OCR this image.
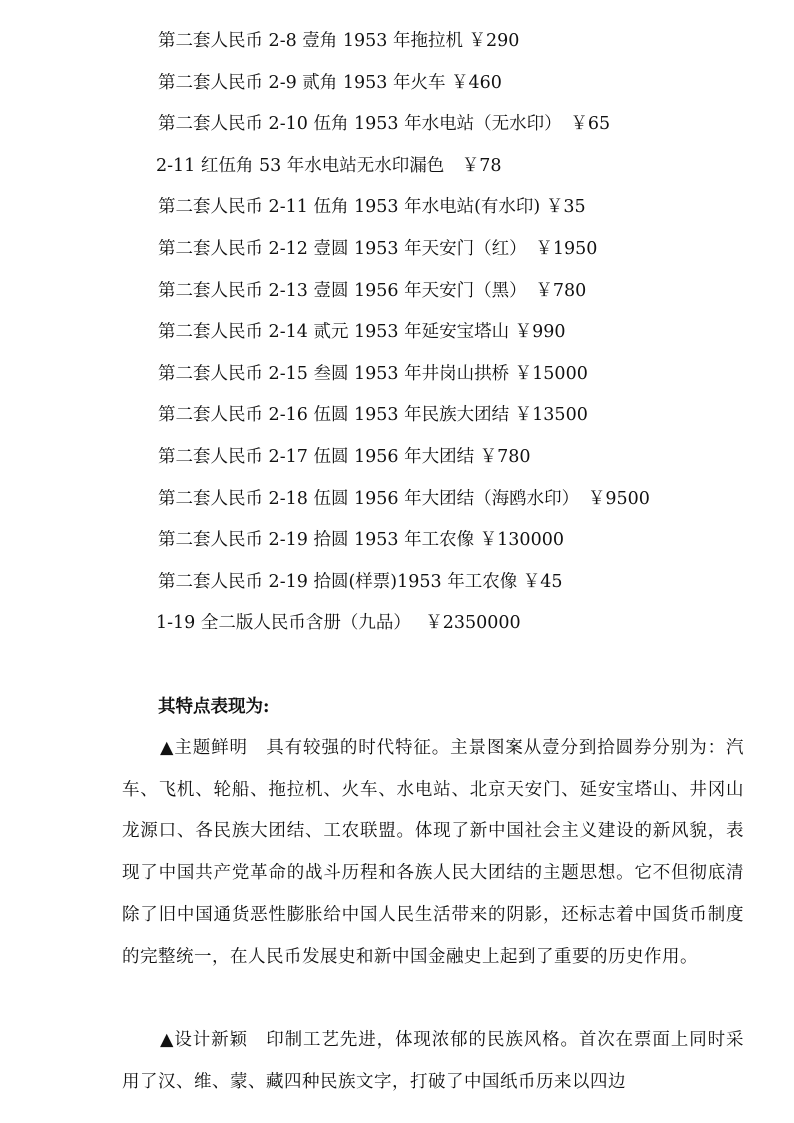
第二套人民币 2-8 壹角 1953 年拖拉机 ￥290
第二套人民币 2-9 贰角 1953 年火车 ￥460
第二套人民币 2-10 伍角 1953 年水电站（无水印）　￥65
2-11 红伍角 53 年水电站无水印漏色　￥78
第二套人民币 2-11 伍角 1953 年水电站(有水印) ￥35
第二套人民币 2-12 壹圆 1953 年天安门（红）　￥1950
第二套人民币 2-13 壹圆 1956 年天安门（黑）　￥780
第二套人民币 2-14 贰元 1953 年延安宝塔山 ￥990
第二套人民币 2-15 叁圆 1953 年井岗山拱桥 ￥15000
第二套人民币 2-16 伍圆 1953 年民族大团结 ￥13500
第二套人民币 2-17 伍圆 1956 年大团结 ￥780
第二套人民币 2-18 伍圆 1956 年大团结（海鸥水印）　￥9500
第二套人民币 2-19 拾圆 1953 年工农像 ￥130000
第二套人民币 2-19 拾圆(样票)1953 年工农像 ￥45
1-19 全二版人民币含册（九品）　 ￥2350000
其特点表现为:

▲主题鲜明　具有较强的时代特征。主景图案从壹分到拾圆券分别为：汽车、飞机、轮船、拖拉机、火车、水电站、北京天安门、延安宝塔山、井冈山龙源口、各民族大团结、工农联盟。体现了新中国社会主义建设的新风貌，表现了中国共产党革命的战斗历程和各族人民大团结的主题思想。它不但彻底清除了旧中国通货恶性膨胀给中国人民生活带来的阴影，还标志着中国货币制度的完整统一，在人民币发展史和新中国金融史上起到了重要的历史作用。

▲设计新颖　印制工艺先进，体现浓郁的民族风格。首次在票面上同时采用了汉、维、蒙、藏四种民族文字，打破了中国纸币历来以四边
